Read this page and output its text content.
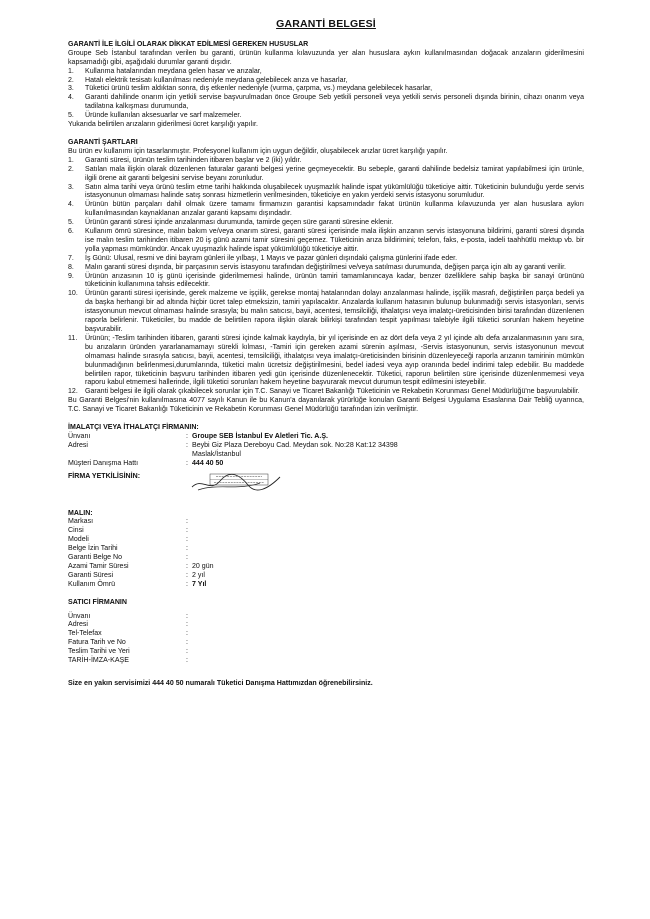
GARANTİ BELGESİ
GARANTİ İLE İLGİLİ OLARAK DİKKAT EDİLMESİ GEREKEN HUSUSLAR

Groupe Seb İstanbul tarafından verilen bu garanti, ürünün kullanma kılavuzunda yer alan hususlara aykırı kullanılmasından doğacak arızaların giderilmesini kapsamadığı gibi, aşağıdaki durumlar garanti dışıdır.

1.	Kullanma hatalarından meydana gelen hasar ve arızalar,
2.	Hatalı elektrik tesisatı kullanılması nedeniyle meydana gelebilecek arıza ve hasarlar,
3.	Tüketici ürünü teslim aldıktan sonra, dış etkenler nedeniyle (vurma, çarpma, vs.) meydana gelebilecek hasarlar,
4.	Garanti dahilinde onarım için yetkili servise başvurulmadan önce Groupe Seb yetkili personeli veya yetkili servis personeli dışında birinin, cihazı onarım veya tadilatına kalkışması durumunda,
5.	Üründe kullanılan aksesuarlar ve sarf malzemeler.

Yukarıda belirtilen arızaların giderilmesi ücret karşılığı yapılır.

GARANTİ ŞARTLARI

Bu ürün ev kullanımı için tasarlanmıştır. Profesyonel kullanım için uygun değildir, oluşabilecek arızlar ücret karşılığı yapılır.

1.	Garanti süresi, ürünün teslim tarihinden itibaren başlar ve 2 (iki) yıldır.
2.	Satılan mala ilişkin olarak düzenlenen faturalar garanti belgesi yerine geçmeyecektir. Bu sebeple, garanti dahilinde bedelsiz tamirat yapılabilmesi için ürünle, ilgili örene ait garanti belgesini servise beyanı zorunludur.
3.	Satın alma tarihi veya ürünü teslim etme tarihi hakkında oluşabilecek uyuşmazlık halinde ispat yükümlülüğü tüketiciye aittir. Tüketicinin bulunduğu yerde servis istasyonunun olmaması halinde satış sonrası hizmetlerin verilmesinden, tüketiciye en yakın yerdeki servis istasyonu sorumludur.
4.	Ürünün bütün parçaları dahil olmak üzere tamamı firmamızın garantisi kapsamındadır fakat ürünün kullanma kılavuzunda yer alan hususlara aykırı kullanılmasından kaynaklanan arızalar garanti kapsamı dışındadır.
5.	Ürünün garanti süresi içinde arızalanması durumunda, tamirde geçen süre garanti süresine eklenir.
6.	Kullanım ömrü süresince, malın bakım ve/veya onarım süresi, garanti süresi içerisinde mala ilişkin arızanın servis istasyonuna bildirimi, garanti süresi dışında ise malın teslim tarihinden itibaren 20 iş günü azami tamir süresini geçemez. Tüketicinin arıza bildirimini; telefon, faks, e-posta, iadeli taahhütlü mektup vb. bir yolla yapması mümkündür. Ancak uyuşmazlık halinde ispat yükümlülüğü tüketiciye aittir.
7.	İş Günü: Ulusal, resmi ve dini bayram günleri ile yılbaşı, 1 Mayıs ve pazar günleri dışındaki çalışma günlerini ifade eder.
8.	Malın garanti süresi dışında, bir parçasının servis istasyonu tarafından değiştirilmesi ve/veya satılması durumunda, değişen parça için altı ay garanti verilir.
9.	Ürünün arızasının 10 iş günü içerisinde giderilmemesi halinde, ürünün tamiri tamamlanıncaya kadar, benzer özelliklere sahip başka bir sanayi ürününü tüketicinin kullanımına tahsis edilecektir.
10.	Ürünün garanti süresi içerisinde, gerek malzeme ve işçilik, gerekse montaj hatalarından dolayı arızalanması halinde, işçilik masrafı, değiştirilen parça bedeli ya da başka herhangi bir ad altında hiçbir ücret talep etmeksizin, tamiri yapılacaktır. Arızalarda kullanım hatasının bulunup bulunmadığı servis istasyonları, servis istasyonunun mevcut olmaması halinde sırasıyla; bu malın satıcısı, bayii, acentesi, temsilciliği, ithalatçısı veya imalatçı-üreticisinden birisi tarafından düzenlenen raporla belirlenir. Tüketiciler, bu madde de belirtilen rapora ilişkin olarak bilirkişi tarafından tespit yapılması talebiyle ilgili tüketici sorunları hakem heyetine başvurabilir.
11.	Ürünün; -Teslim tarihinden itibaren, garanti süresi içinde kalmak kaydıyla, bir yıl içerisinde en az dört defa veya 2 yıl içinde altı defa arızalanmasının yanı sıra, bu arızaların üründen yararlanamamayı sürekli kılması, -Tamiri için gereken azami sürenin aşılması, -Servis istasyonunun, servis istasyonunun mevcut olmaması halinde sırasıyla satıcısı, bayii, acentesi, temsilciliği, ithalatçısı veya imalatçı-üreticisinden birisinin düzenleyeceği raporla arızanın tamirinin mümkün bulunmadığının belirlenmesi,durumlarında, tüketici malın ücretsiz değiştirilmesini, bedel iadesi veya ayıp oranında bedel indirimi talep edebilir. Bu maddede belirtilen rapor, tüketicinin başvuru tarihinden itibaren yedi gün içerisinde düzenlenecektir. Tüketici, raporun belirtilen süre içerisinde düzenlenmemesi veya raporu kabul etmemesi hallerinde, ilgili tüketici sorunları hakem heyetine başvurarak mevcut durumun tespit edilmesini isteyebilir.
12.	Garanti belgesi ile ilgili olarak çıkabilecek sorunlar için T.C. Sanayi ve Ticaret Bakanlığı Tüketicinin ve Rekabetin Korunması Genel Müdürlüğü'ne başvurulabilir.

Bu Garanti Belgesi'nin kullanılmasına 4077 sayılı Kanun ile bu Kanun'a dayanılarak yürürlüğe konulan Garanti Belgesi Uygulama Esaslarına Dair Tebliğ uyarınca, T.C. Sanayi ve Ticaret Bakanlığı Tüketicinin ve Rekabetin Korunması Genel Müdürlüğü tarafından izin verilmiştir.

İMALATÇI VEYA İTHALATÇI FİRMANIN:
Ünvanı	: Groupe SEB İstanbul Ev Aletleri Tic. A.Ş.
Adresi	: Beybi Giz Plaza Dereboyu Cad. Meydan sok. No:28 Kat:12 34398
Maslak/İstanbul
Müşteri Danışma Hattı	: 444 40 50
FİRMA YETKİLİSİNİN:
MALIN:
Markası	:
Cinsi	:
Modeli	:
Belge İzin Tarihi	:
Garanti Belge No	:
Azami Tamir Süresi	: 20 gün
Garanti Süresi	: 2 yıl
Kullanım Ömrü	: 7 Yıl
SATICI FİRMANIN
Ünvanı	:
Adresi	:
Tel-Telefax	:
Fatura Tarih ve No	:
Teslim Tarihi ve Yeri	:
TARİH-İMZA-KAŞE	:
Size en yakın servisimizi 444 40 50 numaralı Tüketici Danışma Hattımızdan öğrenebilirsiniz.
